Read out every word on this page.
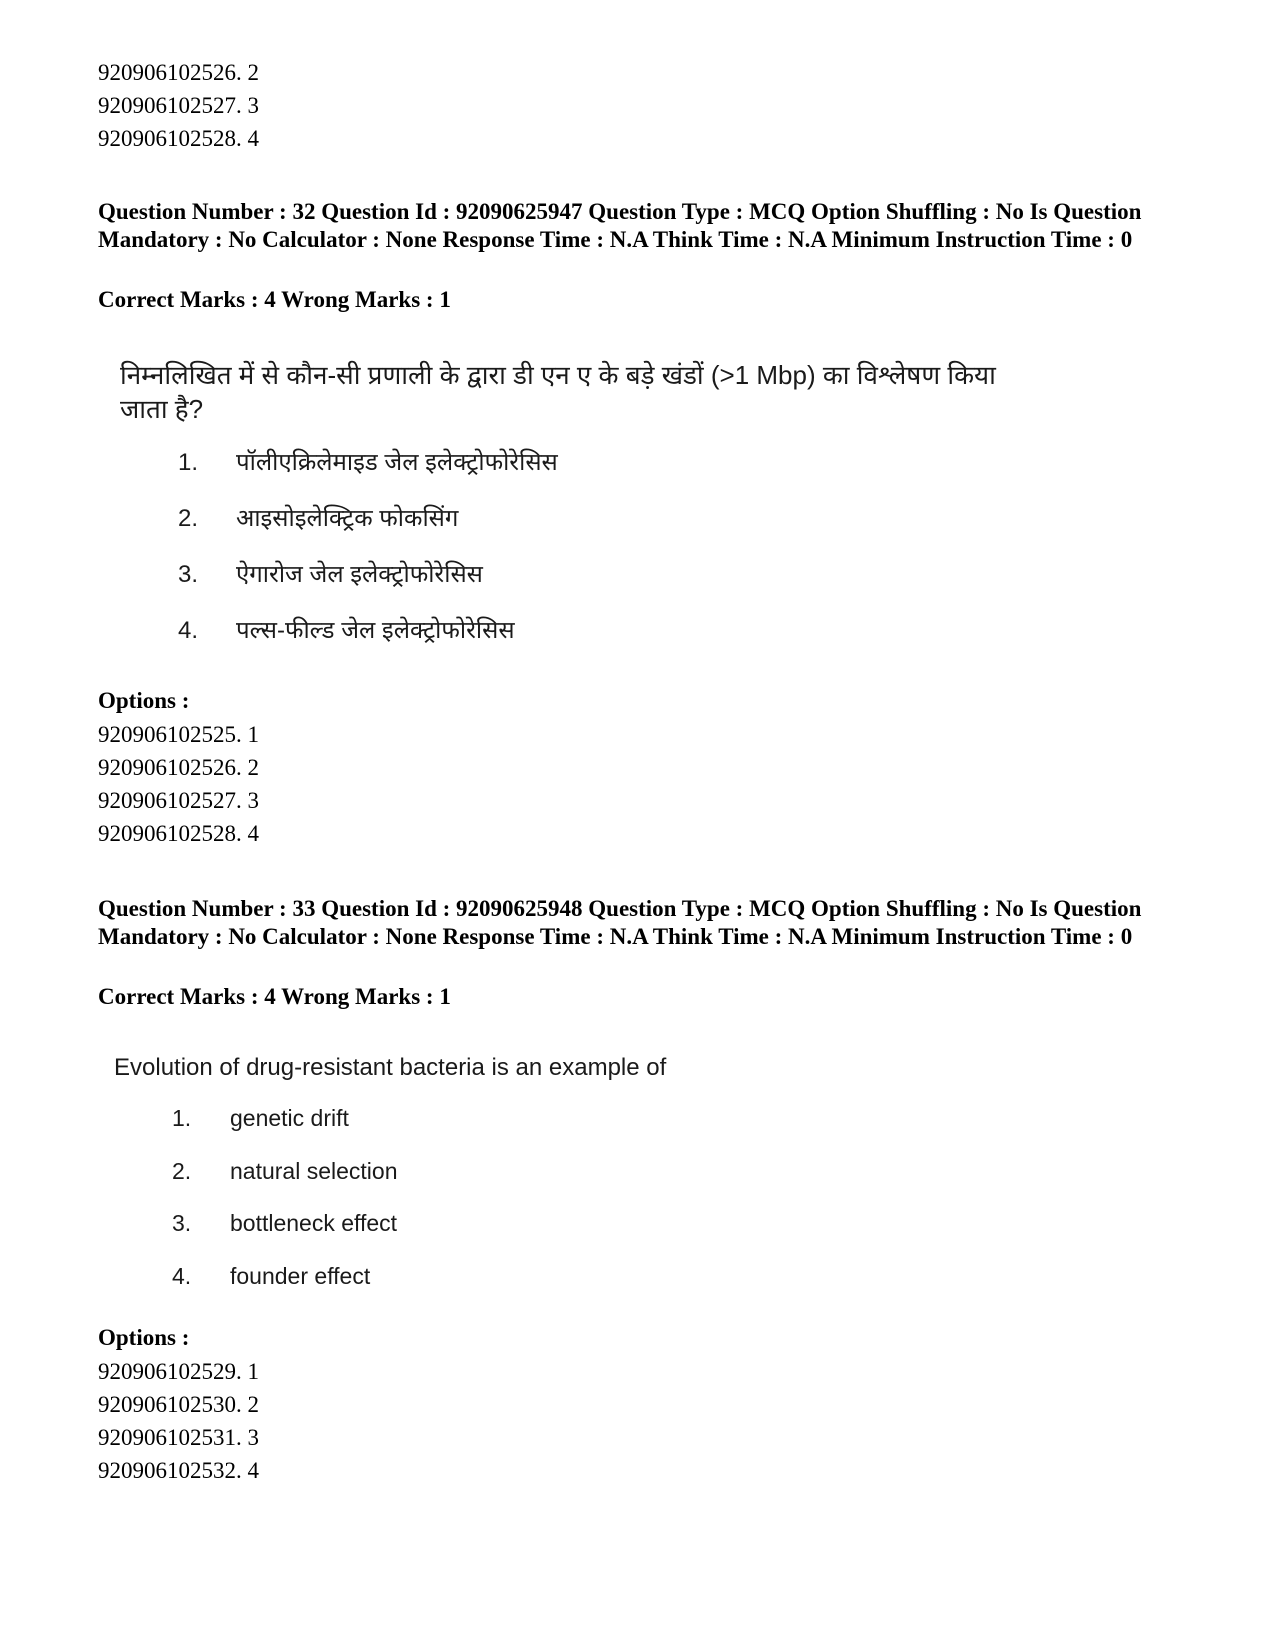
920906102526. 2
920906102527. 3
920906102528. 4
Question Number : 32 Question Id : 92090625947 Question Type : MCQ Option Shuffling : No Is Question Mandatory : No Calculator : None Response Time : N.A Think Time : N.A Minimum Instruction Time : 0
Correct Marks : 4 Wrong Marks : 1
निम्नलिखित में से कौन-सी प्रणाली के द्वारा डी एन ए के बड़े खंडों (>1 Mbp) का विश्लेषण किया
जाता है?
1. पॉलीएक्रिलेमाइड जेल इलेक्ट्रोफोरेसिस
2. आइसोइलेक्ट्रिक फोकसिंग
3. ऐगारोज जेल इलेक्ट्रोफोरेसिस
4. पल्स-फील्ड जेल इलेक्ट्रोफोरेसिस
Options :
920906102525. 1
920906102526. 2
920906102527. 3
920906102528. 4
Question Number : 33 Question Id : 92090625948 Question Type : MCQ Option Shuffling : No Is Question Mandatory : No Calculator : None Response Time : N.A Think Time : N.A Minimum Instruction Time : 0
Correct Marks : 4 Wrong Marks : 1
Evolution of drug-resistant bacteria is an example of
1. genetic drift
2. natural selection
3. bottleneck effect
4. founder effect
Options :
920906102529. 1
920906102530. 2
920906102531. 3
920906102532. 4
